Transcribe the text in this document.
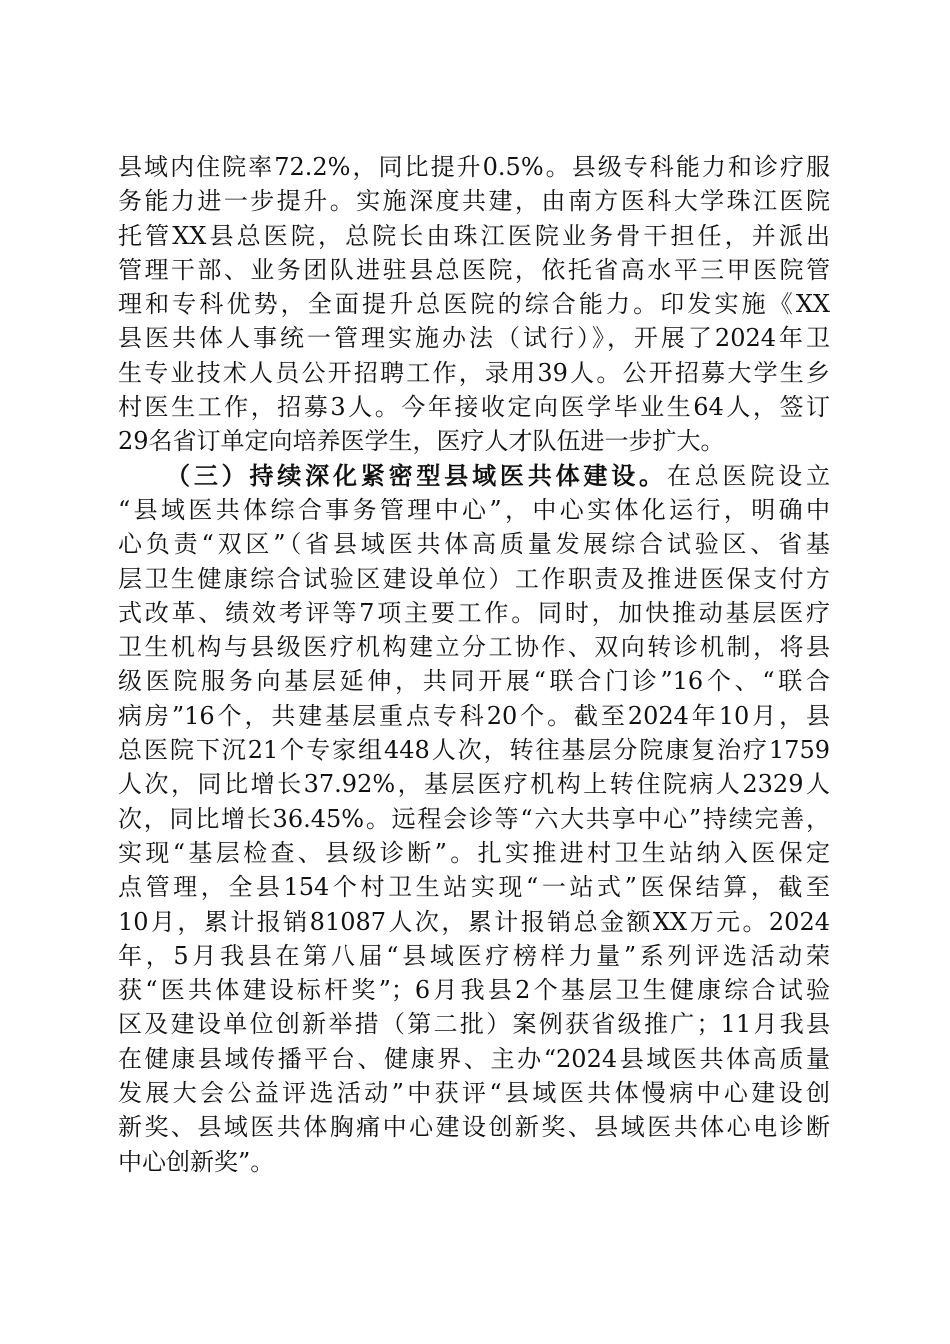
县域内住院率72.2%，同比提升0.5%。县级专科能力和诊疗服
务能力进一步提升。实施深度共建，由南方医科大学珠江医院
托管XX县总医院，总院长由珠江医院业务骨干担任，并派出
管理干部、业务团队进驻县总医院，依托省高水平三甲医院管
理和专科优势，全面提升总医院的综合能力。印发实施《XX
县医共体人事统一管理实施办法（试行）》，开展了2024年卫
生专业技术人员公开招聘工作，录用39人。公开招募大学生乡
村医生工作，招募3人。今年接收定向医学毕业生64人，签订
29名省订单定向培养医学生，医疗人才队伍进一步扩大。
（三）持续深化紧密型县域医共体建设。在总医院设立
“县域医共体综合事务管理中心”，中心实体化运行，明确中
心负责“双区”（省县域医共体高质量发展综合试验区、省基
层卫生健康综合试验区建设单位）工作职责及推进医保支付方
式改革、绩效考评等7项主要工作。同时，加快推动基层医疗
卫生机构与县级医疗机构建立分工协作、双向转诊机制，将县
级医院服务向基层延伸，共同开展“联合门诊”16个、“联合
病房”16个，共建基层重点专科20个。截至2024年10月，县
总医院下沉21个专家组448人次，转往基层分院康复治疗1759
人次，同比增长37.92%，基层医疗机构上转住院病人2329人
次，同比增长36.45%。远程会诊等“六大共享中心”持续完善，
实现“基层检查、县级诊断”。扎实推进村卫生站纳入医保定
点管理，全县154个村卫生站实现“一站式”医保结算，截至
10月，累计报销81087人次，累计报销总金额XX万元。2024
年，5月我县在第八届“县域医疗榜样力量”系列评选活动荣
获“医共体建设标杆奖”；6月我县2个基层卫生健康综合试验
区及建设单位创新举措（第二批）案例获省级推广；11月我县
在健康县域传播平台、健康界、主办“2024县域医共体高质量
发展大会公益评选活动”中获评“县域医共体慢病中心建设创
新奖、县域医共体胸痛中心建设创新奖、县域医共体心电诊断
中心创新奖”。
